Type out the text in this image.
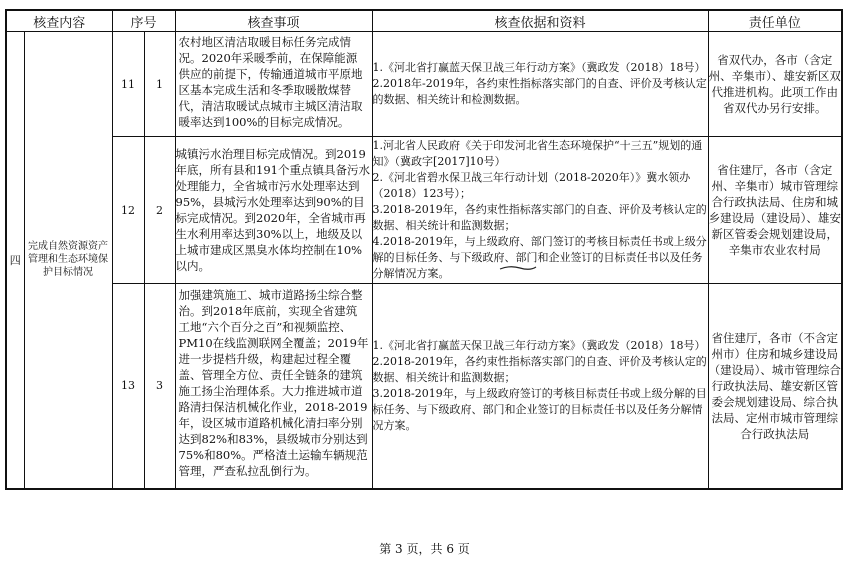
核查内容		序号		核查事项	核查依据和资料	责任单位
四	完成自然资源资产管理和生态环境保护目标情况	11	1	农村地区清洁取暖目标任务完成情况。2020年采暖季前，在保障能源供应的前提下，传输通道城市平原地区基本完成生活和冬季取暖散煤替代，清洁取暖试点城市主城区清洁取暖率达到100%的目标完成情况。	1.《河北省打赢蓝天保卫战三年行动方案》（冀政发（2018）18号）
2.2018年-2019年，各约束性指标落实部门的自查、评价及考核认定的数据、相关统计和检测数据。	省双代办，各市（含定州、辛集市）、雄安新区双代推进机构。此项工作由省双代办另行安排。
		12	2	城镇污水治理目标完成情况。到2019年底，所有县和191个重点镇具备污水处理能力，全省城市污水处理率达到95%，县城污水处理率达到90%的目标完成情况。到2020年，全省城市再生水利用率达到30%以上，地级及以上城市建成区黑臭水体均控制在10%以内。	1.河北省人民政府《关于印发河北省生态环境保护“十三五”规划的通知》（冀政字[2017]10号）
2.《河北省碧水保卫战三年行动计划（2018-2020年）》冀水领办（2018）123号）；
3.2018-2019年，各约束性指标落实部门的自查、评价及考核认定的数据、相关统计和监测数据；
4.2018-2019年，与上级政府、部门签订的考核目标责任书或上级分解的目标任务、与下级政府、部门和企业签订的目标责任书以及任务分解情况方案。	省住建厅，各市（含定州、辛集市）城市管理综合行政执法局、住房和城乡建设局（建设局）、雄安新区管委会规划建设局，辛集市农业农村局
		13	3	加强建筑施工、城市道路扬尘综合整治。到2018年底前，实现全省建筑工地“六个百分之百”和视频监控、PM10在线监测联网全覆盖；2019年进一步提档升级，构建起过程全覆盖、管理全方位、责任全链条的建筑施工扬尘治理体系。大力推进城市道路清扫保洁机械化作业，2018-2019年，设区城市道路机械化清扫率分别达到82%和83%，县级城市分别达到75%和80%。严格渣土运输车辆规范管理，严查私拉乱倒行为。	1.《河北省打赢蓝天保卫战三年行动方案》（冀政发（2018）18号）
2.2018-2019年，各约束性指标落实部门的自查、评价及考核认定的数据、相关统计和监测数据；
3.2018-2019年，与上级政府签订的考核目标责任书或上级分解的目标任务、与下级政府、部门和企业签订的目标责任书以及任务分解情况方案。	省住建厅，各市（不含定州市）住房和城乡建设局（建设局）、城市管理综合行政执法局、雄安新区管委会规划建设局、综合执法局、定州市城市管理综合行政执法局
第 3 页，共 6 页
